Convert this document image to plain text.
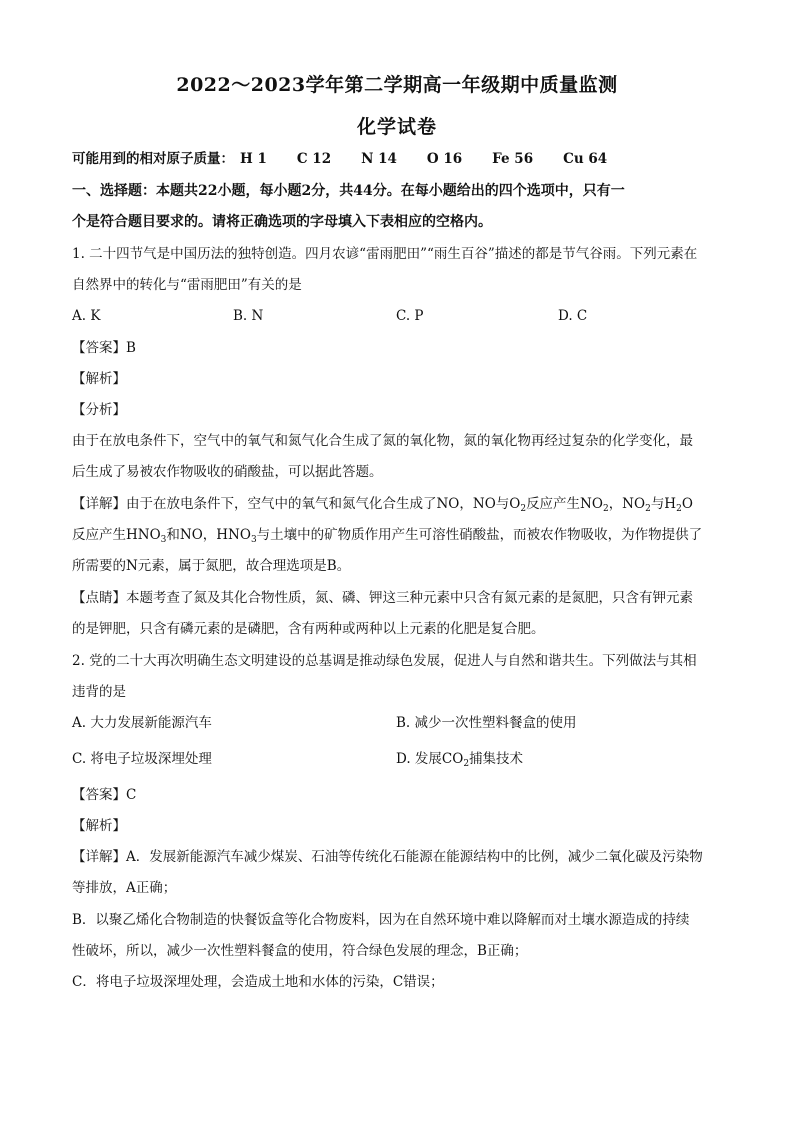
2022～2023学年第二学期高一年级期中质量监测
化学试卷
可能用到的相对原子质量： H 1 C 12 N 14 O 16 Fe 56 Cu 64
一、选择题：本题共22小题，每小题2分，共44分。在每小题给出的四个选项中，只有一
个是符合题目要求的。请将正确选项的字母填入下表相应的空格内。
1. 二十四节气是中国历法的独特创造。四月农谚“雷雨肥田”“雨生百谷”描述的都是节气谷雨。下列元素在
自然界中的转化与“雷雨肥田”有关的是
A. K	B. N	C. P	D. C
【答案】B
【解析】
【分析】
由于在放电条件下，空气中的氧气和氮气化合生成了氮的氧化物，氮的氧化物再经过复杂的化学变化，最
后生成了易被农作物吸收的硝酸盐，可以据此答题。
【详解】由于在放电条件下，空气中的氧气和氮气化合生成了NO，NO与$O_2$反应产生$NO_2$，$NO_2$与$H_2O$
反应产生$HNO_3$和NO，$HNO_3$与土壤中的矿物质作用产生可溶性硝酸盐，而被农作物吸收，为作物提供了
所需要的N元素，属于氮肥，故合理选项是B。
【点睛】本题考查了氮及其化合物性质，氮、磷、钾这三种元素中只含有氮元素的是氮肥，只含有钾元素
的是钾肥，只含有磷元素的是磷肥，含有两种或两种以上元素的化肥是复合肥。
2. 党的二十大再次明确生态文明建设的总基调是推动绿色发展，促进人与自然和谐共生。下列做法与其相
违背的是
A. 大力发展新能源汽车	B. 减少一次性塑料餐盒的使用
C. 将电子垃圾深埋处理	D. 发展$CO_2$捕集技术
【答案】C
【解析】
【详解】A．发展新能源汽车减少煤炭、石油等传统化石能源在能源结构中的比例，减少二氧化碳及污染物
等排放，A正确；
B．以聚乙烯化合物制造的快餐饭盒等化合物废料，因为在自然环境中难以降解而对土壤水源造成的持续
性破坏，所以，减少一次性塑料餐盒的使用，符合绿色发展的理念，B正确；
C．将电子垃圾深埋处理，会造成土地和水体的污染，C错误；
